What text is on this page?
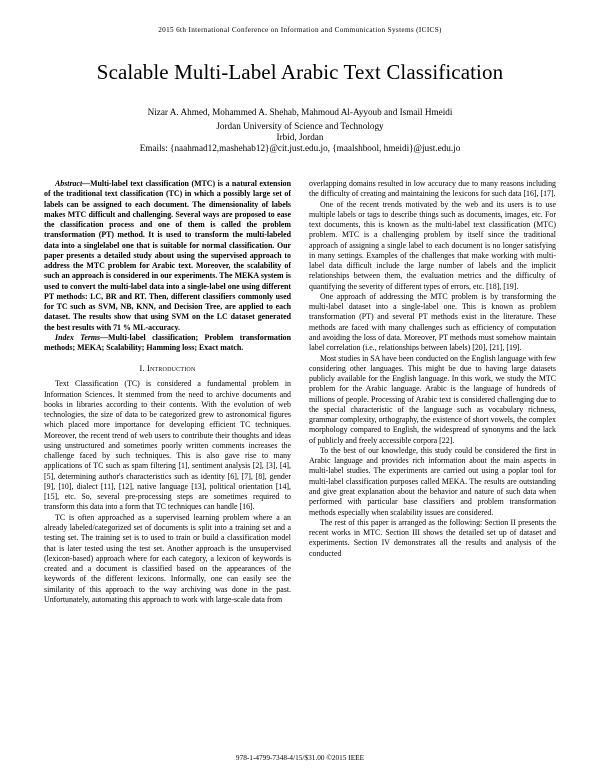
2015 6th International Conference on Information and Communication Systems (ICICS)
Scalable Multi-Label Arabic Text Classification
Nizar A. Ahmed, Mohammed A. Shehab, Mahmoud Al-Ayyoub and Ismail Hmeidi
Jordan University of Science and Technology
Irbid, Jordan
Emails: {naahmad12,mashehab12}@cit.just.edu.jo, {maalshbool, hmeidi}@just.edu.jo

Abstract—Multi-label text classification (MTC) is a natural extension of the traditional text classification (TC) in which a possibly large set of labels can be assigned to each document. The dimensionality of labels makes MTC difficult and challenging. Several ways are proposed to ease the classification process and one of them is called the problem transformation (PT) method. It is used to transform the multi-labeled data into a singlelabel one that is suitable for normal classification. Our paper presents a detailed study about using the supervised approach to address the MTC problem for Arabic text. Moreover, the scalability of such an approach is considered in our experiments. The MEKA system is used to convert the multi-label data into a single-label one using different PT methods: LC, BR and RT. Then, different classifiers commonly used for TC such as SVM, NB, KNN, and Decision Tree, are applied to each dataset. The results show that using SVM on the LC dataset generated the best results with 71 % ML-accuracy.

Index Terms—Multi-label classification; Problem transformation methods; MEKA; Scalability; Hamming loss; Exact match.

I. Introduction

Text Classification (TC) is considered a fundamental problem in Information Sciences. It stemmed from the need to archive documents and books in libraries according to their contents. With the evolution of web technologies, the size of data to be categorized grew to astronomical figures which placed more importance for developing efficient TC techniques. Moreover, the recent trend of web users to contribute their thoughts and ideas using unstructured and sometimes poorly written comments increases the challenge faced by such techniques. This is also gave rise to many applications of TC such as spam filtering [1], sentiment analysis [2], [3], [4], [5], determining author's characteristics such as identity [6], [7], [8], gender [9], [10], dialect [11], [12], native language [13], political orientation [14], [15], etc. So, several pre-processing steps are sometimes required to transform this data into a form that TC techniques can handle [16].

TC is often approached as a supervised learning problem where a an already labeled/categorized set of documents is split into a training set and a testing set. The training set is to used to train or build a classification model that is later tested using the test set. Another approach is the unsupervised (lexicon-based) approach where for each category, a lexicon of keywords is created and a document is classified based on the appearances of the keywords of the different lexicons. Informally, one can easily see the similarity of this approach to the way archiving was done in the past. Unfortunately, automating this approach to work with large-scale data from

overlapping domains resulted in low accuracy due to many reasons including the difficulty of creating and maintaining the lexicons for such data [16], [17].

One of the recent trends motivated by the web and its users is to use multiple labels or tags to describe things such as documents, images, etc. For text documents, this is known as the multi-label text classification (MTC) problem. MTC is a challenging problem by itself since the traditional approach of assigning a single label to each document is no longer satisfying in many settings. Examples of the challenges that make working with multi-label data difficult include the large number of labels and the implicit relationships between them, the evaluation metrics and the difficulty of quantifying the severity of different types of errors, etc. [18], [19].

One approach of addressing the MTC problem is by transforming the multi-label dataset into a single-label one. This is known as problem transformation (PT) and several PT methods exist in the literature. These methods are faced with many challenges such as efficiency of computation and avoiding the loss of data. Moreover, PT methods must somehow maintain label correlation (i.e., relationships between labels) [20], [21], [19].

Most studies in SA have been conducted on the English language with few considering other languages. This might be due to having large datasets publicly available for the English language. In this work, we study the MTC problem for the Arabic language. Arabic is the language of hundreds of millions of people. Processing of Arabic text is considered challenging due to the special characteristic of the language such as vocabulary richness, grammar complexity, orthography, the existence of short vowels, the complex morphology compared to English, the widespread of synonyms and the lack of publicly and freely accessible corpora [22].

To the best of our knowledge, this study could be considered the first in Arabic language and provides rich information about the main aspects in multi-label studies. The experiments are carried out using a poplar tool for multi-label classification purposes called MEKA. The results are outstanding and give great explanation about the behavior and nature of such data when performed with particular base classifiers and problem transformation methods especially when scalability issues are considered.

The rest of this paper is arranged as the following: Section II presents the recent works in MTC. Section III shows the detailed set up of dataset and experiments. Section IV demonstrates all the results and analysis of the conducted

978-1-4799-7348-4/15/$31.00 ©2015 IEEE
